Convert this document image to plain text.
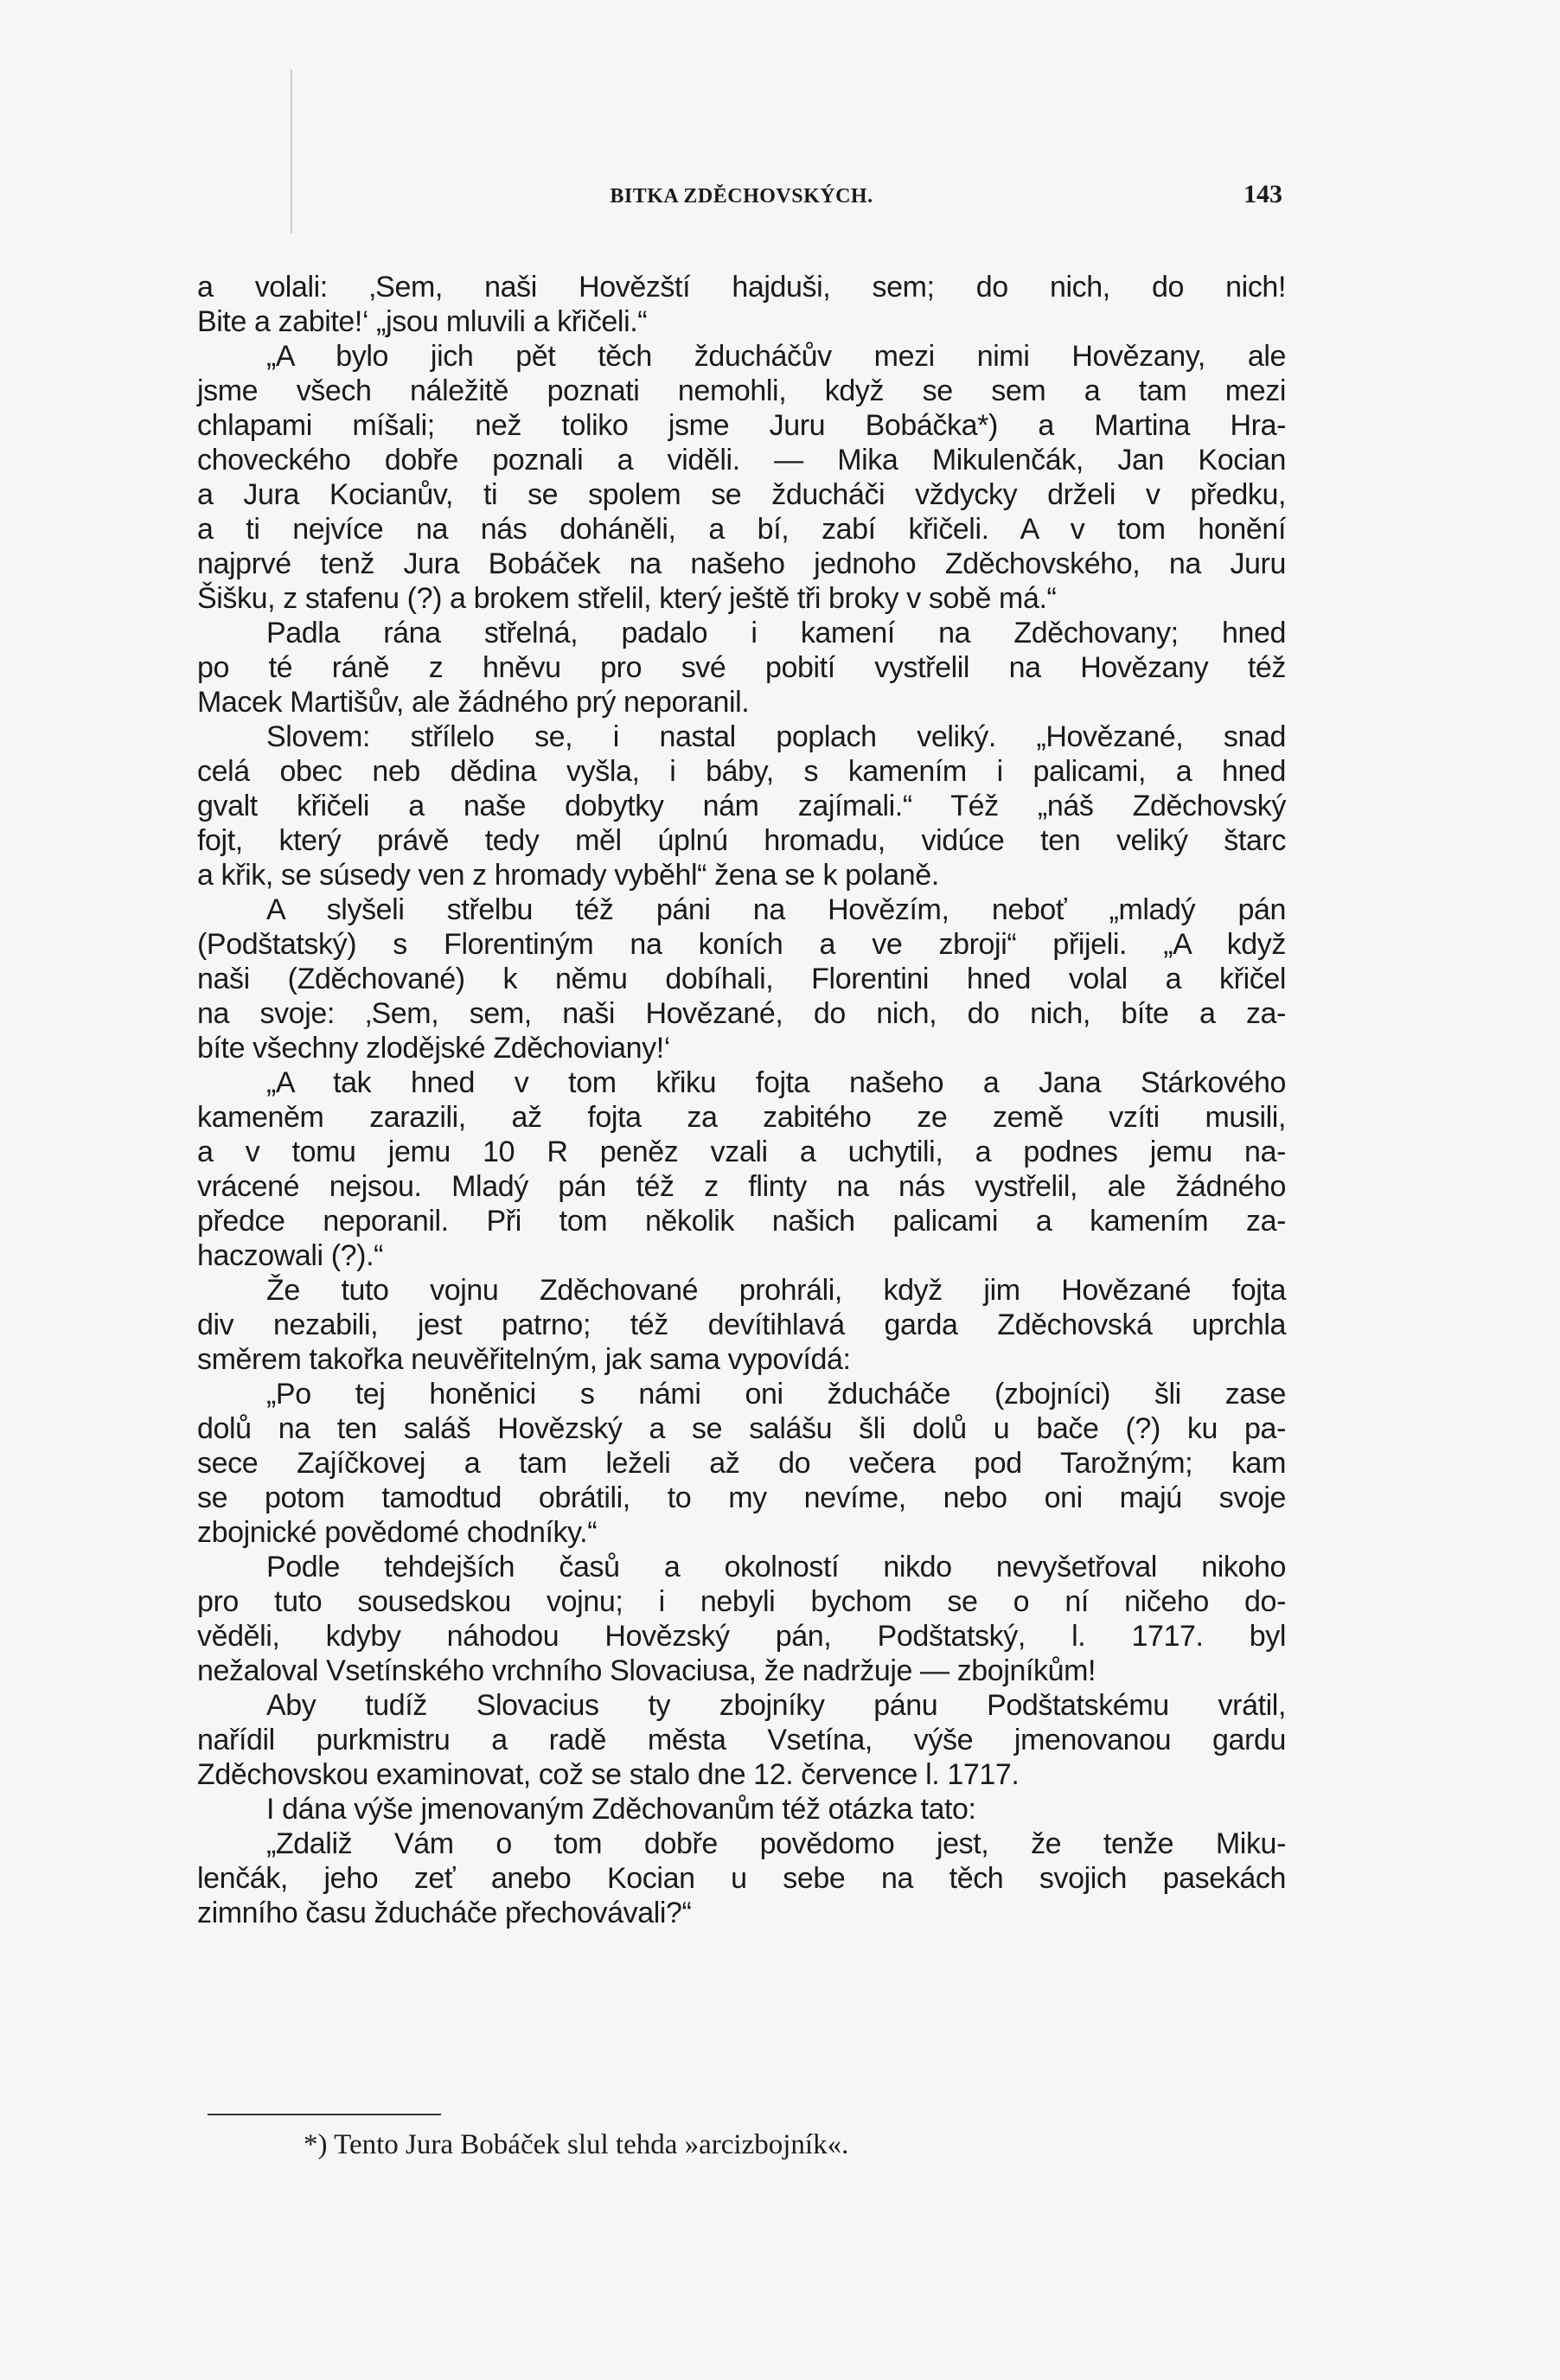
BITKA ZDĚCHOVSKÝCH.	143
a volali: ‚Sem, naši Hovězští hajduši, sem; do nich, do nich!
Bite a zabite!‘ „jsou mluvili a křičeli.“
„A bylo jich pět těch žducháčův mezi nimi Hovězany, ale
jsme všech náležitě poznati nemohli, když se sem a tam mezi
chlapami míšali; než toliko jsme Juru Bobáčka*) a Martina Hra-
choveckého dobře poznali a viděli. — Mika Mikulenčák, Jan Kocian
a Jura Kocianův, ti se spolem se žducháči vždycky drželi v předku,
a ti nejvíce na nás doháněli, a bí, zabí křičeli. A v tom honění
najprvé tenž Jura Bobáček na našeho jednoho Zděchovského, na Juru
Šišku, z stafenu (?) a brokem střelil, který ještě tři broky v sobě má.“
Padla rána střelná, padalo i kamení na Zděchovany; hned
po té ráně z hněvu pro své pobití vystřelil na Hovězany též
Macek Martišův, ale žádného prý neporanil.
Slovem: střílelo se, i nastal poplach veliký. „Hovězané, snad
celá obec neb dědina vyšla, i báby, s kamením i palicami, a hned
gvalt křičeli a naše dobytky nám zajímali.“ Též „náš Zděchovský
fojt, který právě tedy měl úplnú hromadu, vidúce ten veliký štarc
a křik, se súsedy ven z hromady vyběhl“ žena se k polaně.
A slyšeli střelbu též páni na Hovězím, neboť „mladý pán
(Podštatský) s Florentiným na koních a ve zbroji“ přijeli. „A když
naši (Zděchované) k němu dobíhali, Florentini hned volal a křičel
na svoje: ‚Sem, sem, naši Hovězané, do nich, do nich, bíte a za-
bíte všechny zlodějské Zděchoviany!‘
„A tak hned v tom křiku fojta našeho a Jana Stárkového
kameněm zarazili, až fojta za zabitého ze země vzíti musili,
a v tomu jemu 10 R peněz vzali a uchytili, a podnes jemu na-
vrácené nejsou. Mladý pán též z flinty na nás vystřelil, ale žádného
předce neporanil. Při tom několik našich palicami a kamením za-
haczowali (?).“
Že tuto vojnu Zděchované prohráli, když jim Hovězané fojta
div nezabili, jest patrno; též devítihlavá garda Zděchovská uprchla
směrem takořka neuvěřitelným, jak sama vypovídá:
„Po tej honěnici s námi oni žducháče (zbojníci) šli zase
dolů na ten saláš Hovězský a se salášu šli dolů u bače (?) ku pa-
sece Zajíčkovej a tam leželi až do večera pod Tarožným; kam
se potom tamodtud obrátili, to my nevíme, nebo oni majú svoje
zbojnické povědomé chodníky.“
Podle tehdejších časů a okolností nikdo nevyšetřoval nikoho
pro tuto sousedskou vojnu; i nebyli bychom se o ní ničeho do-
věděli, kdyby náhodou Hovězský pán, Podštatský, l. 1717. byl
nežaloval Vsetínského vrchního Slovaciusa, že nadržuje — zbojníkům!
Aby tudíž Slovacius ty zbojníky pánu Podštatskému vrátil,
nařídil purkmistru a radě města Vsetína, výše jmenovanou gardu
Zděchovskou examinovat, což se stalo dne 12. července l. 1717.
I dána výše jmenovaným Zděchovanům též otázka tato:
„Zdaliž Vám o tom dobře povědomo jest, že tenže Miku-
lenčák, jeho zeť anebo Kocian u sebe na těch svojich pasekách
zimního času žducháče přechovávali?“
*) Tento Jura Bobáček slul tehda »arcizbojník«.
